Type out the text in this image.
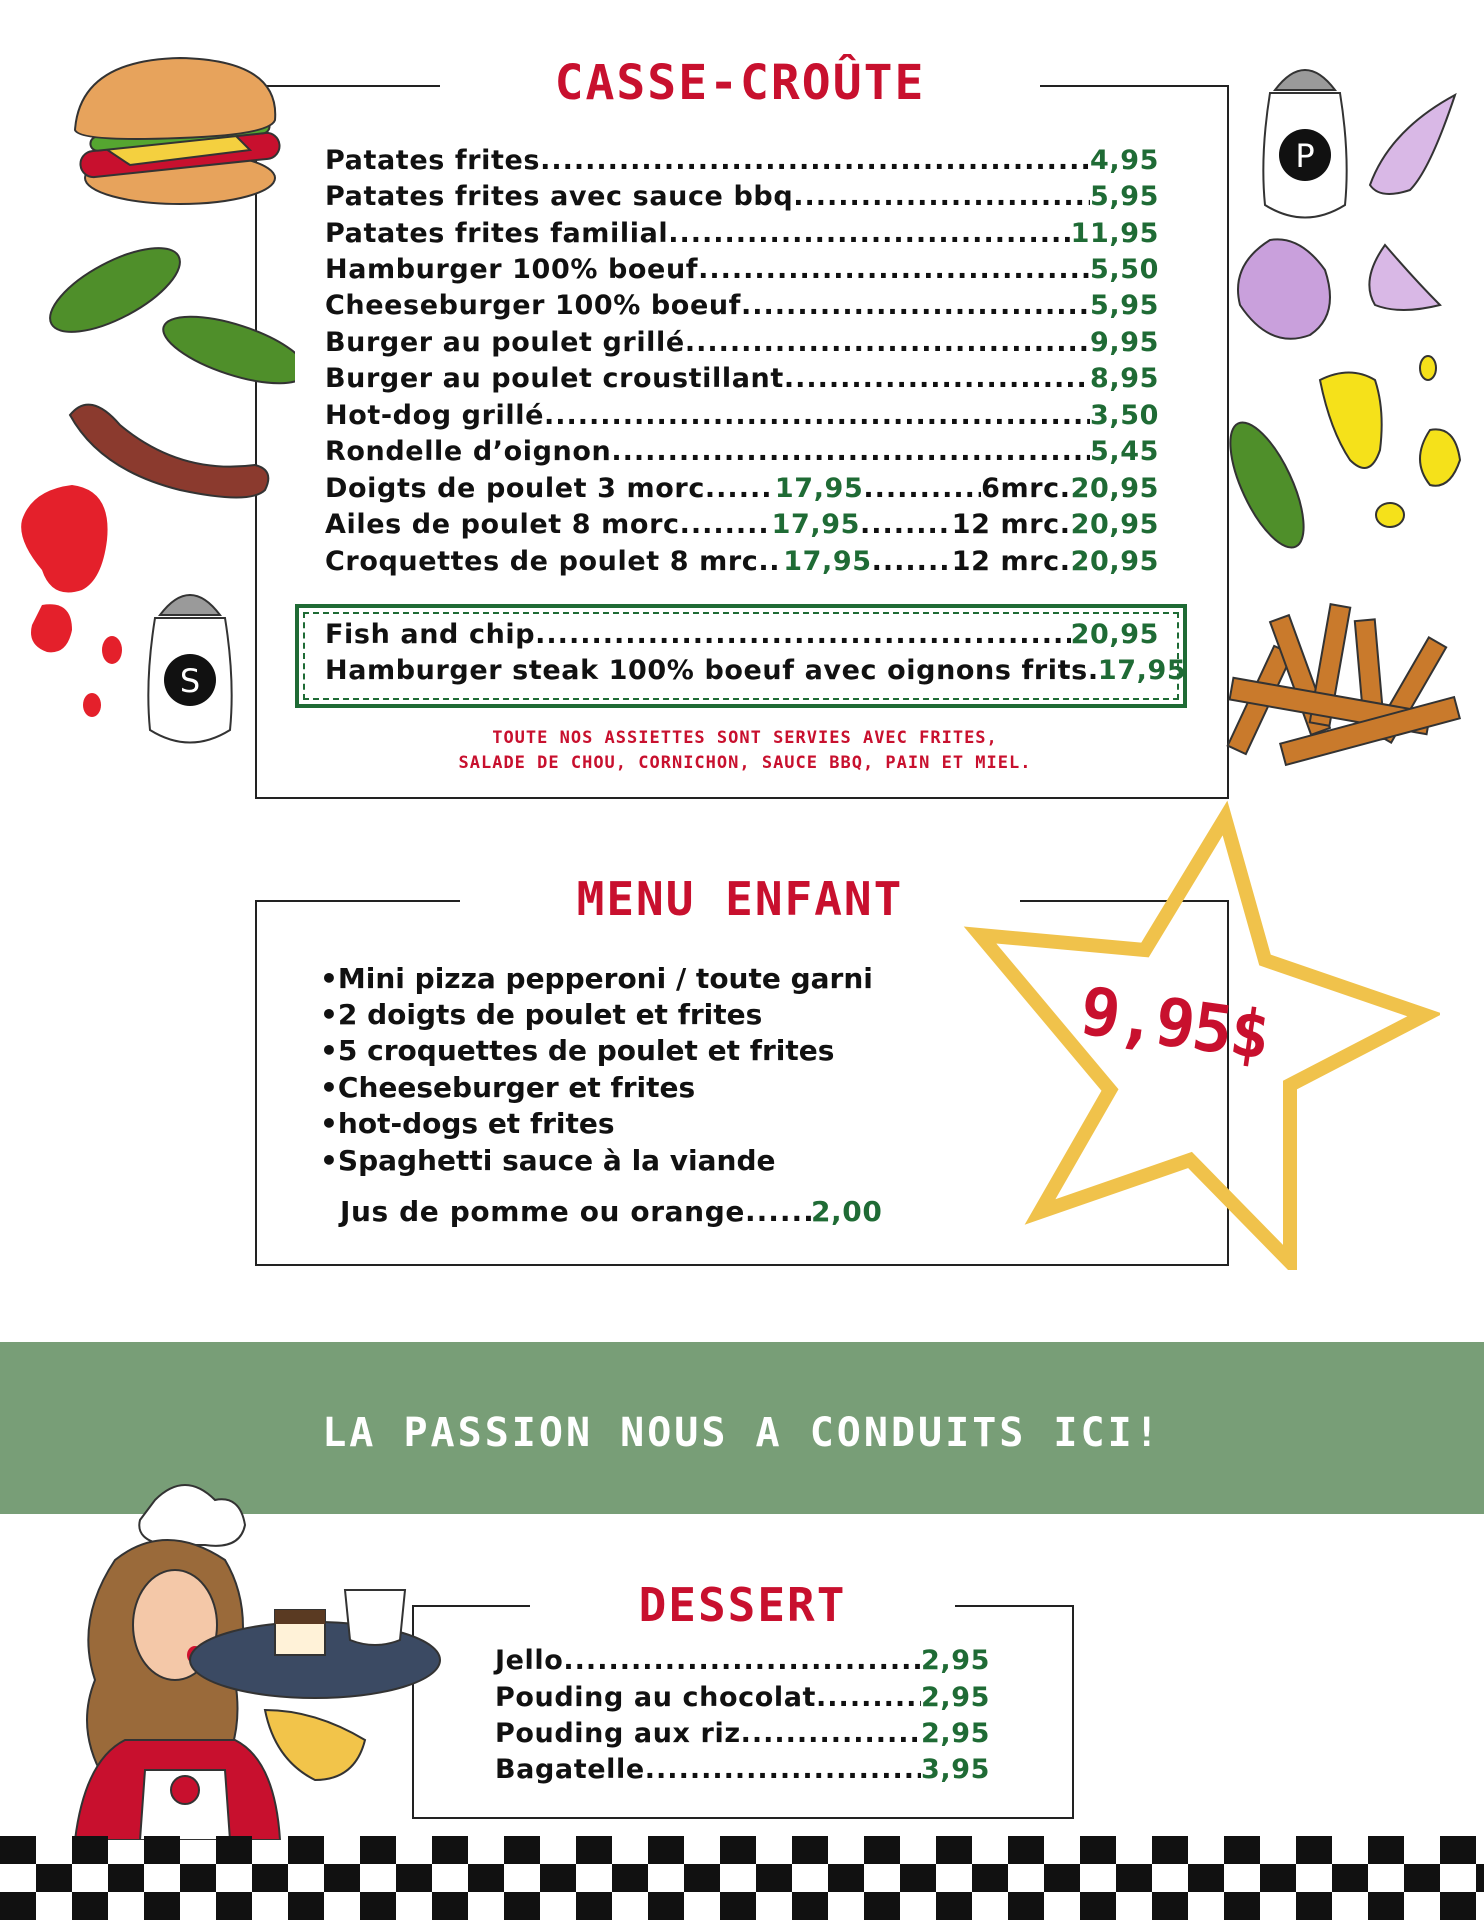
CASSE-CROÛTE
Patates frites .....	4,95
Patates frites avec sauce bbq .....	5,95
Patates frites familial .....	11,95
Hamburger 100% boeuf .....	5,50
Cheeseburger 100% boeuf .....	5,95
Burger au poulet grillé .....	9,95
Burger au poulet croustillant .....	8,95
Hot-dog grillé .....	3,50
Rondelle d’oignon .....	5,45
Doigts de poulet 3 morc .....	17,95 .....	6mrc. 20,95
Ailes de poulet 8 morc .....	17,95 .....	12 mrc. 20,95
Croquettes de poulet 8 mrc. ..... 17,95 .....	12 mrc. 20,95
Fish and chip .....	20,95
Hamburger steak 100% boeuf avec oignons frits ..... 17,95
TOUTE NOS ASSIETTES SONT SERVIES AVEC FRITES,
SALADE DE CHOU, CORNICHON, SAUCE BBQ, PAIN ET MIEL.
MENU ENFANT
• Mini pizza pepperoni / toute garni
• 2 doigts de poulet et frites
• 5 croquettes de poulet et frites
• Cheeseburger et frites
• hot-dogs et frites
• Spaghetti sauce à la viande
Jus de pomme ou orange ..... 2,00
9,95$
LA PASSION NOUS A CONDUITS ICI!
DESSERT
Jello .....	2,95
Pouding au chocolat .....	2,95
Pouding aux riz .....	2,95
Bagatelle .....	3,95
S
P
